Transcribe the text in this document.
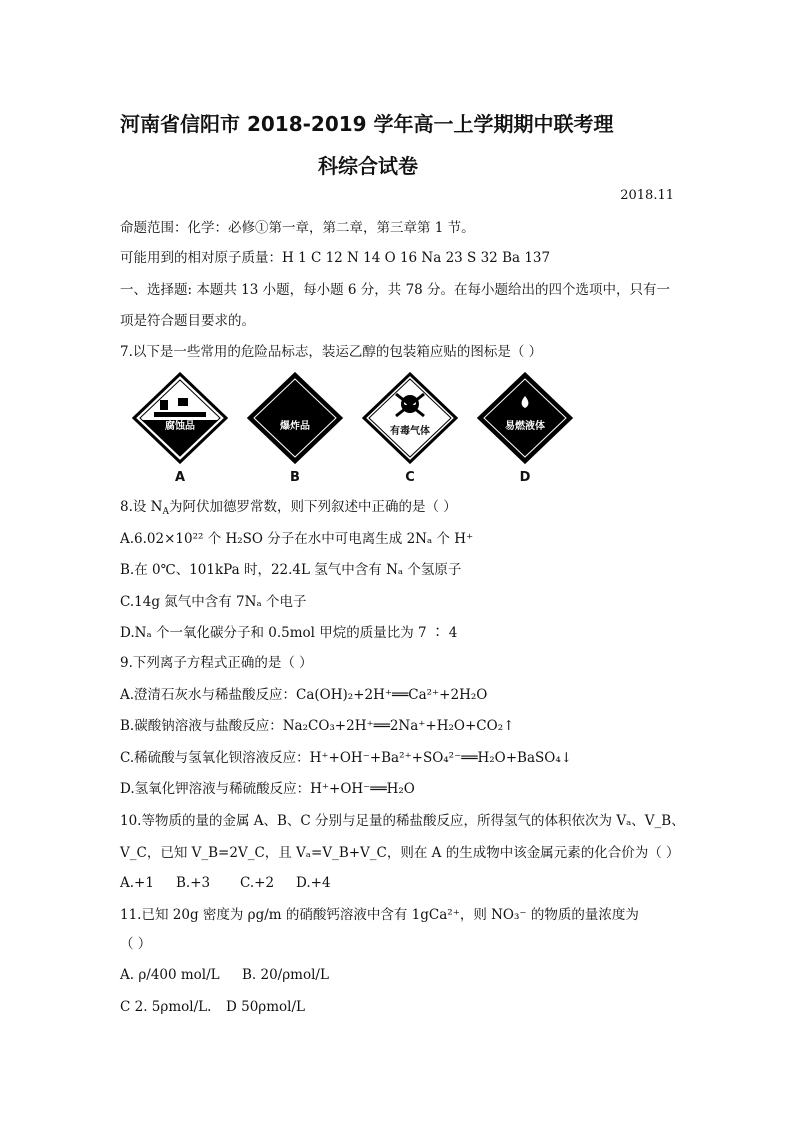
河南省信阳市 2018-2019 学年高一上学期期中联考理
科综合试卷
2018.11
命题范围：化学：必修①第一章，第二章，第三章第 1 节。
可能用到的相对原子质量：H 1 C 12 N 14 O 16 Na 23 S 32 Ba 137
一、选择题: 本题共 13 小题，每小题 6 分，共 78 分。在每小题给出的四个选项中，只有一
项是符合题目要求的。
7.以下是一些常用的危险品标志，装运乙醇的包装箱应贴的图标是（ ）
腐蚀品
A
爆炸品
B
有毒气体
C
易燃液体
D
8.设 $N_A$为阿伏加德罗常数，则下列叙述中正确的是（ ）
A.6.02×10²² 个 H₂SO 分子在水中可电离生成 2Nₐ 个 H⁺
B.在 0℃、101kPa 时，22.4L 氢气中含有 Nₐ 个氢原子
C.14g 氮气中含有 7Nₐ 个电子
D.Nₐ 个一氧化碳分子和 0.5mol 甲烷的质量比为 7 ∶ 4
9.下列离子方程式正确的是（ ）
A.澄清石灰水与稀盐酸反应：Ca(OH)₂+2H⁺══Ca²⁺+2H₂O
B.碳酸钠溶液与盐酸反应：Na₂CO₃+2H⁺══2Na⁺+H₂O+CO₂↑
C.稀硫酸与氢氧化钡溶液反应：H⁺+OH⁻+Ba²⁺+SO₄²⁻══H₂O+BaSO₄↓
D.氢氧化钾溶液与稀硫酸反应：H⁺+OH⁻══H₂O
10.等物质的量的金属 A、B、C 分别与足量的稀盐酸反应，所得氢气的体积依次为 Vₐ、V_B、
V_C，已知 V_B=2V_C，且 Vₐ=V_B+V_C，则在 A 的生成物中该金属元素的化合价为（ ）
A.+1 B.+3 C.+2 D.+4
11.已知 20g 密度为 ρg/m 的硝酸钙溶液中含有 1gCa²⁺，则 NO₃⁻ 的物质的量浓度为
（ ）
A. ρ/400 mol/L B. 20/ρmol/L
C 2. 5ρmol/L. D 50ρmol/L
